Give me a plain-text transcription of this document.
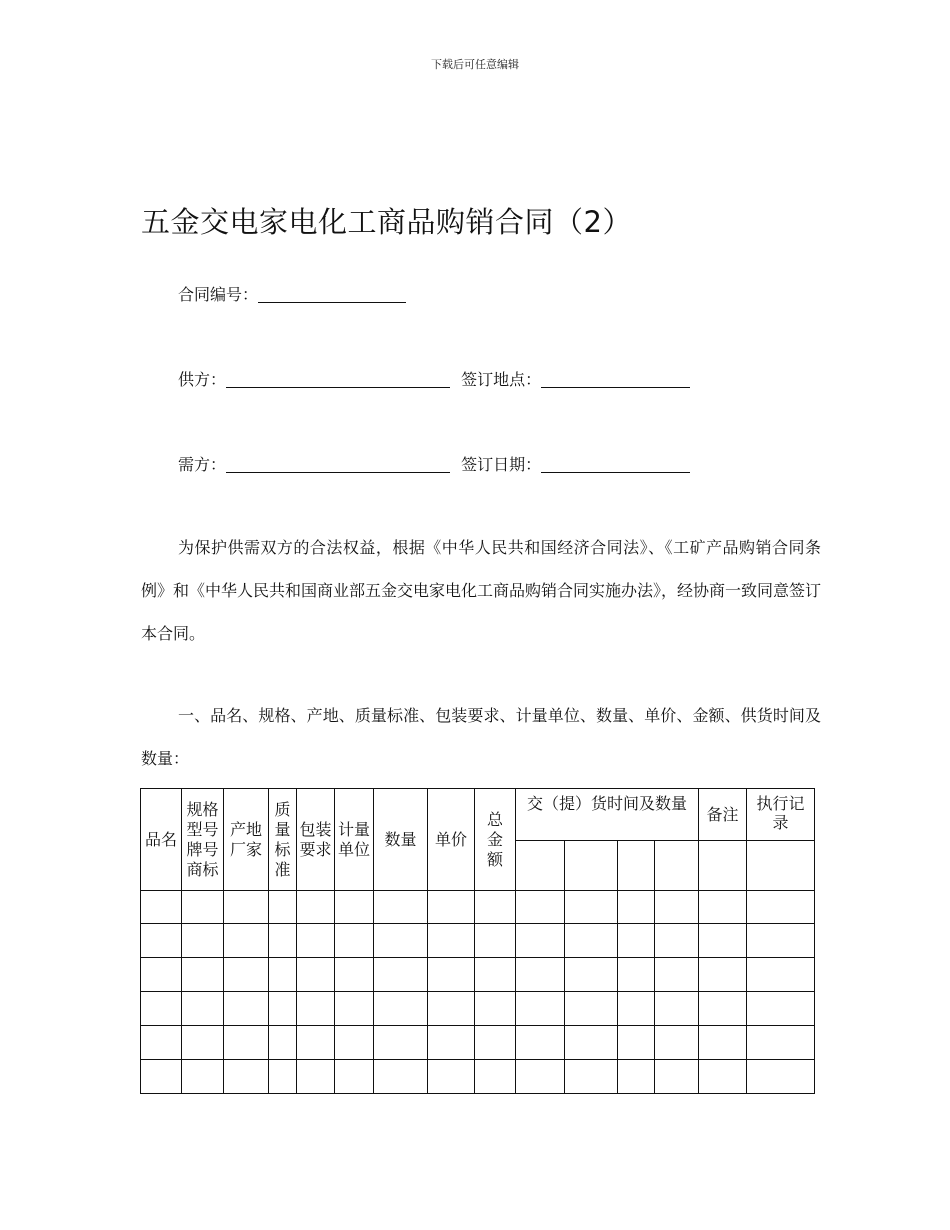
下载后可任意编辑
五金交电家电化工商品购销合同（2）
合同编号：
供方：	签订地点：
需方：	签订日期：
为保护供需双方的合法权益，根据《中华人民共和国经济合同法》、《工矿产品购销合同条例》和《中华人民共和国商业部五金交电家电化工商品购销合同实施办法》，经协商一致同意签订本合同。
一、品名、规格、产地、质量标准、包装要求、计量单位、数量、单价、金额、供货时间及数量：
品名	规格型号牌号商标	产地厂家	质量标准	包装要求	计量单位	数量	单价	总金额	交（提）货时间及数量				备注	执行记录
